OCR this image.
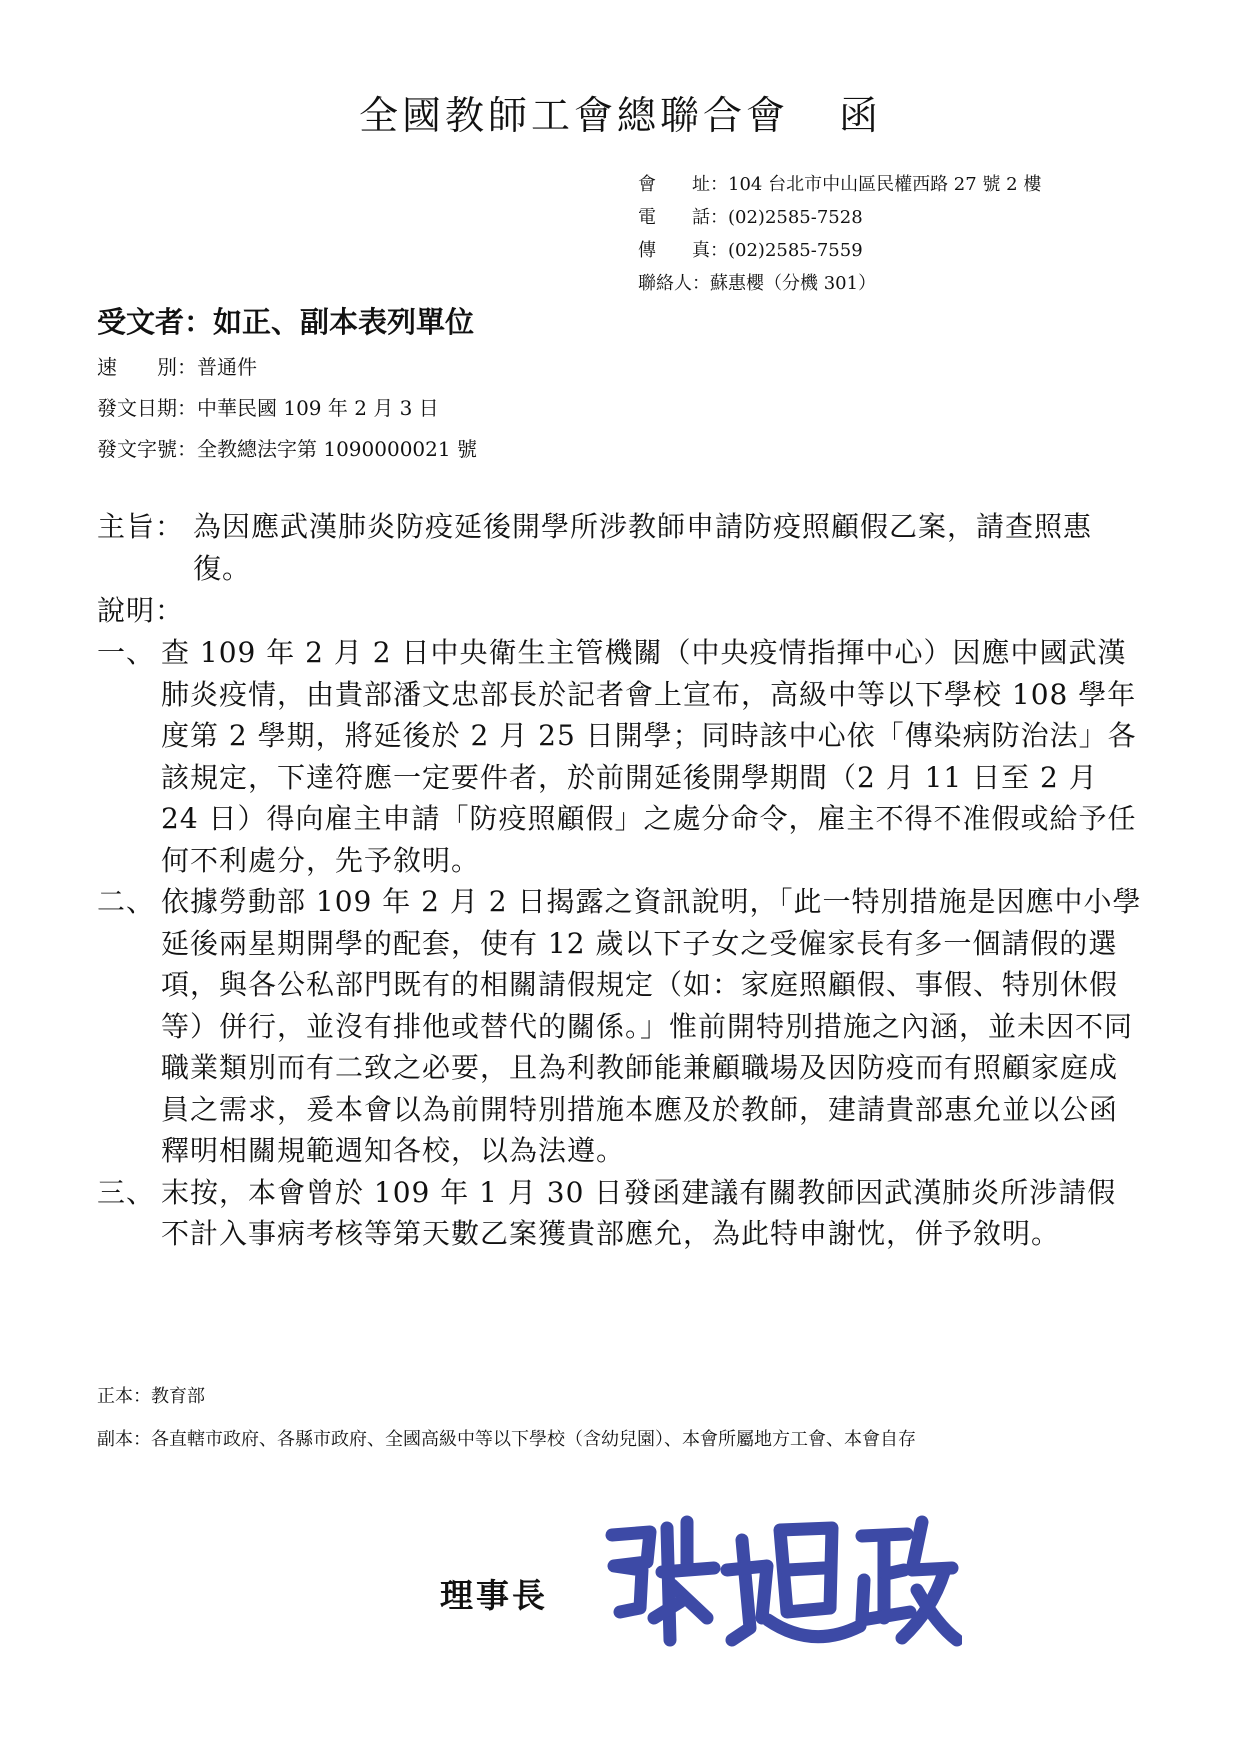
全國教師工會總聯合會 函
會　　址：104 台北市中山區民權西路 27 號 2 樓
電　　話：(02)2585-7528
傳　　真：(02)2585-7559
聯絡人：蘇惠櫻（分機 301）
受文者：如正、副本表列單位
速　　別：普通件
發文日期：中華民國 109 年 2 月 3 日
發文字號：全教總法字第 1090000021 號
主旨： 為因應武漢肺炎防疫延後開學所涉教師申請防疫照顧假乙案，請查照惠復。
說明：
一、 查 109 年 2 月 2 日中央衛生主管機關（中央疫情指揮中心）因應中國武漢肺炎疫情，由貴部潘文忠部長於記者會上宣布，高級中等以下學校 108 學年度第 2 學期，將延後於 2 月 25 日開學；同時該中心依「傳染病防治法」各該規定，下達符應一定要件者，於前開延後開學期間（2 月 11 日至 2 月 24 日）得向雇主申請「防疫照顧假」之處分命令，雇主不得不准假或給予任何不利處分，先予敘明。
二、 依據勞動部 109 年 2 月 2 日揭露之資訊說明，「此一特別措施是因應中小學延後兩星期開學的配套，使有 12 歲以下子女之受僱家長有多一個請假的選項，與各公私部門既有的相關請假規定（如：家庭照顧假、事假、特別休假等）併行，並沒有排他或替代的關係。」惟前開特別措施之內涵，並未因不同職業類別而有二致之必要，且為利教師能兼顧職場及因防疫而有照顧家庭成員之需求，爰本會以為前開特別措施本應及於教師，建請貴部惠允並以公函釋明相關規範週知各校，以為法遵。
三、 末按，本會曾於 109 年 1 月 30 日發函建議有關教師因武漢肺炎所涉請假不計入事病考核等第天數乙案獲貴部應允，為此特申謝忱，併予敘明。
正本：教育部
副本：各直轄市政府、各縣市政府、全國高級中等以下學校（含幼兒園）、本會所屬地方工會、本會自存
理事長
